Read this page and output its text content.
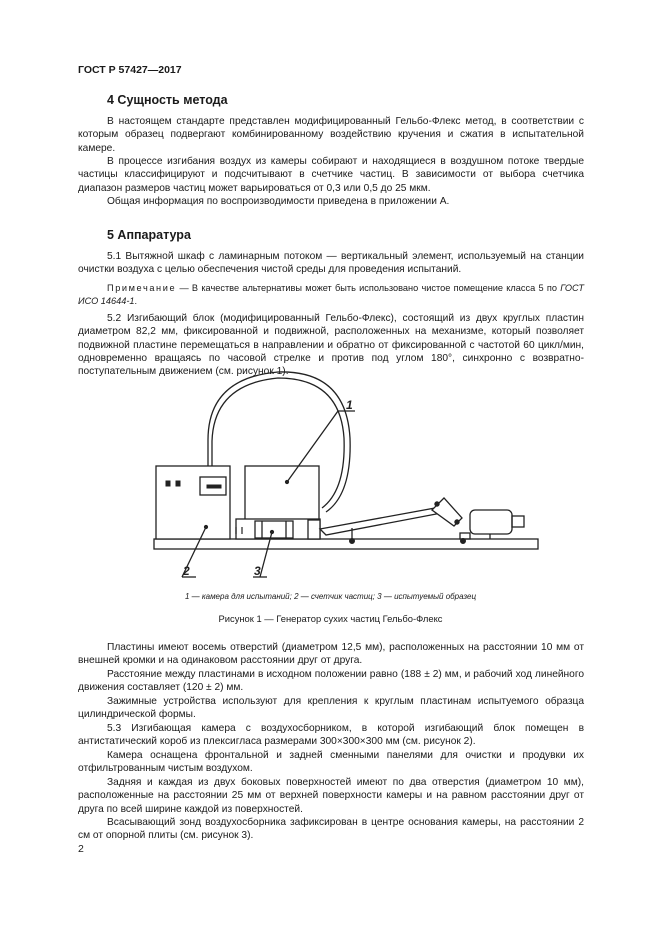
ГОСТ Р 57427—2017
4 Сущность метода

В настоящем стандарте представлен модифицированный Гельбо-Флекс метод, в соответствии с которым образец подвергают комбинированному воздействию кручения и сжатия в испытательной камере.

В процессе изгибания воздух из камеры собирают и находящиеся в воздушном потоке твердые частицы классифицируют и подсчитывают в счетчике частиц. В зависимости от выбора счетчика диапазон размеров частиц может варьироваться от 0,3 или 0,5 до 25 мкм.

Общая информация по воспроизводимости приведена в приложении А.

5 Аппаратура

5.1 Вытяжной шкаф с ламинарным потоком — вертикальный элемент, используемый на станции очистки воздуха с целью обеспечения чистой среды для проведения испытаний.

Примечание — В качестве альтернативы может быть использовано чистое помещение класса 5 по ГОСТ ИСО 14644-1.

5.2 Изгибающий блок (модифицированный Гельбо-Флекс), состоящий из двух круглых пластин диаметром 82,2 мм, фиксированной и подвижной, расположенных на механизме, который позволяет подвижной пластине перемещаться в направлении и обратно от фиксированной с частотой 60 цикл/мин, одновременно вращаясь по часовой стрелке и против под углом 180°, синхронно с возвратно-поступательным движением (см. рисунок 1).

1
2	3
1 — камера для испытаний; 2 — счетчик частиц; 3 — испытуемый образец
Рисунок 1 — Генератор сухих частиц Гельбо-Флекс

Пластины имеют восемь отверстий (диаметром 12,5 мм), расположенных на расстоянии 10 мм от внешней кромки и на одинаковом расстоянии друг от друга.

Расстояние между пластинами в исходном положении равно (188 ± 2) мм, и рабочий ход линейного движения составляет (120 ± 2) мм.

Зажимные устройства используют для крепления к круглым пластинам испытуемого образца цилиндрической формы.

5.3 Изгибающая камера с воздухосборником, в которой изгибающий блок помещен в антистатический короб из плексигласа размерами 300×300×300 мм (см. рисунок 2).

Камера оснащена фронтальной и задней сменными панелями для очистки и продувки их отфильтрованным чистым воздухом.

Задняя и каждая из двух боковых поверхностей имеют по два отверстия (диаметром 10 мм), расположенные на расстоянии 25 мм от верхней поверхности камеры и на равном расстоянии друг от друга по всей ширине каждой из поверхностей.

Всасывающий зонд воздухосборника зафиксирован в центре основания камеры, на расстоянии 2 см от опорной плиты (см. рисунок 3).

2
